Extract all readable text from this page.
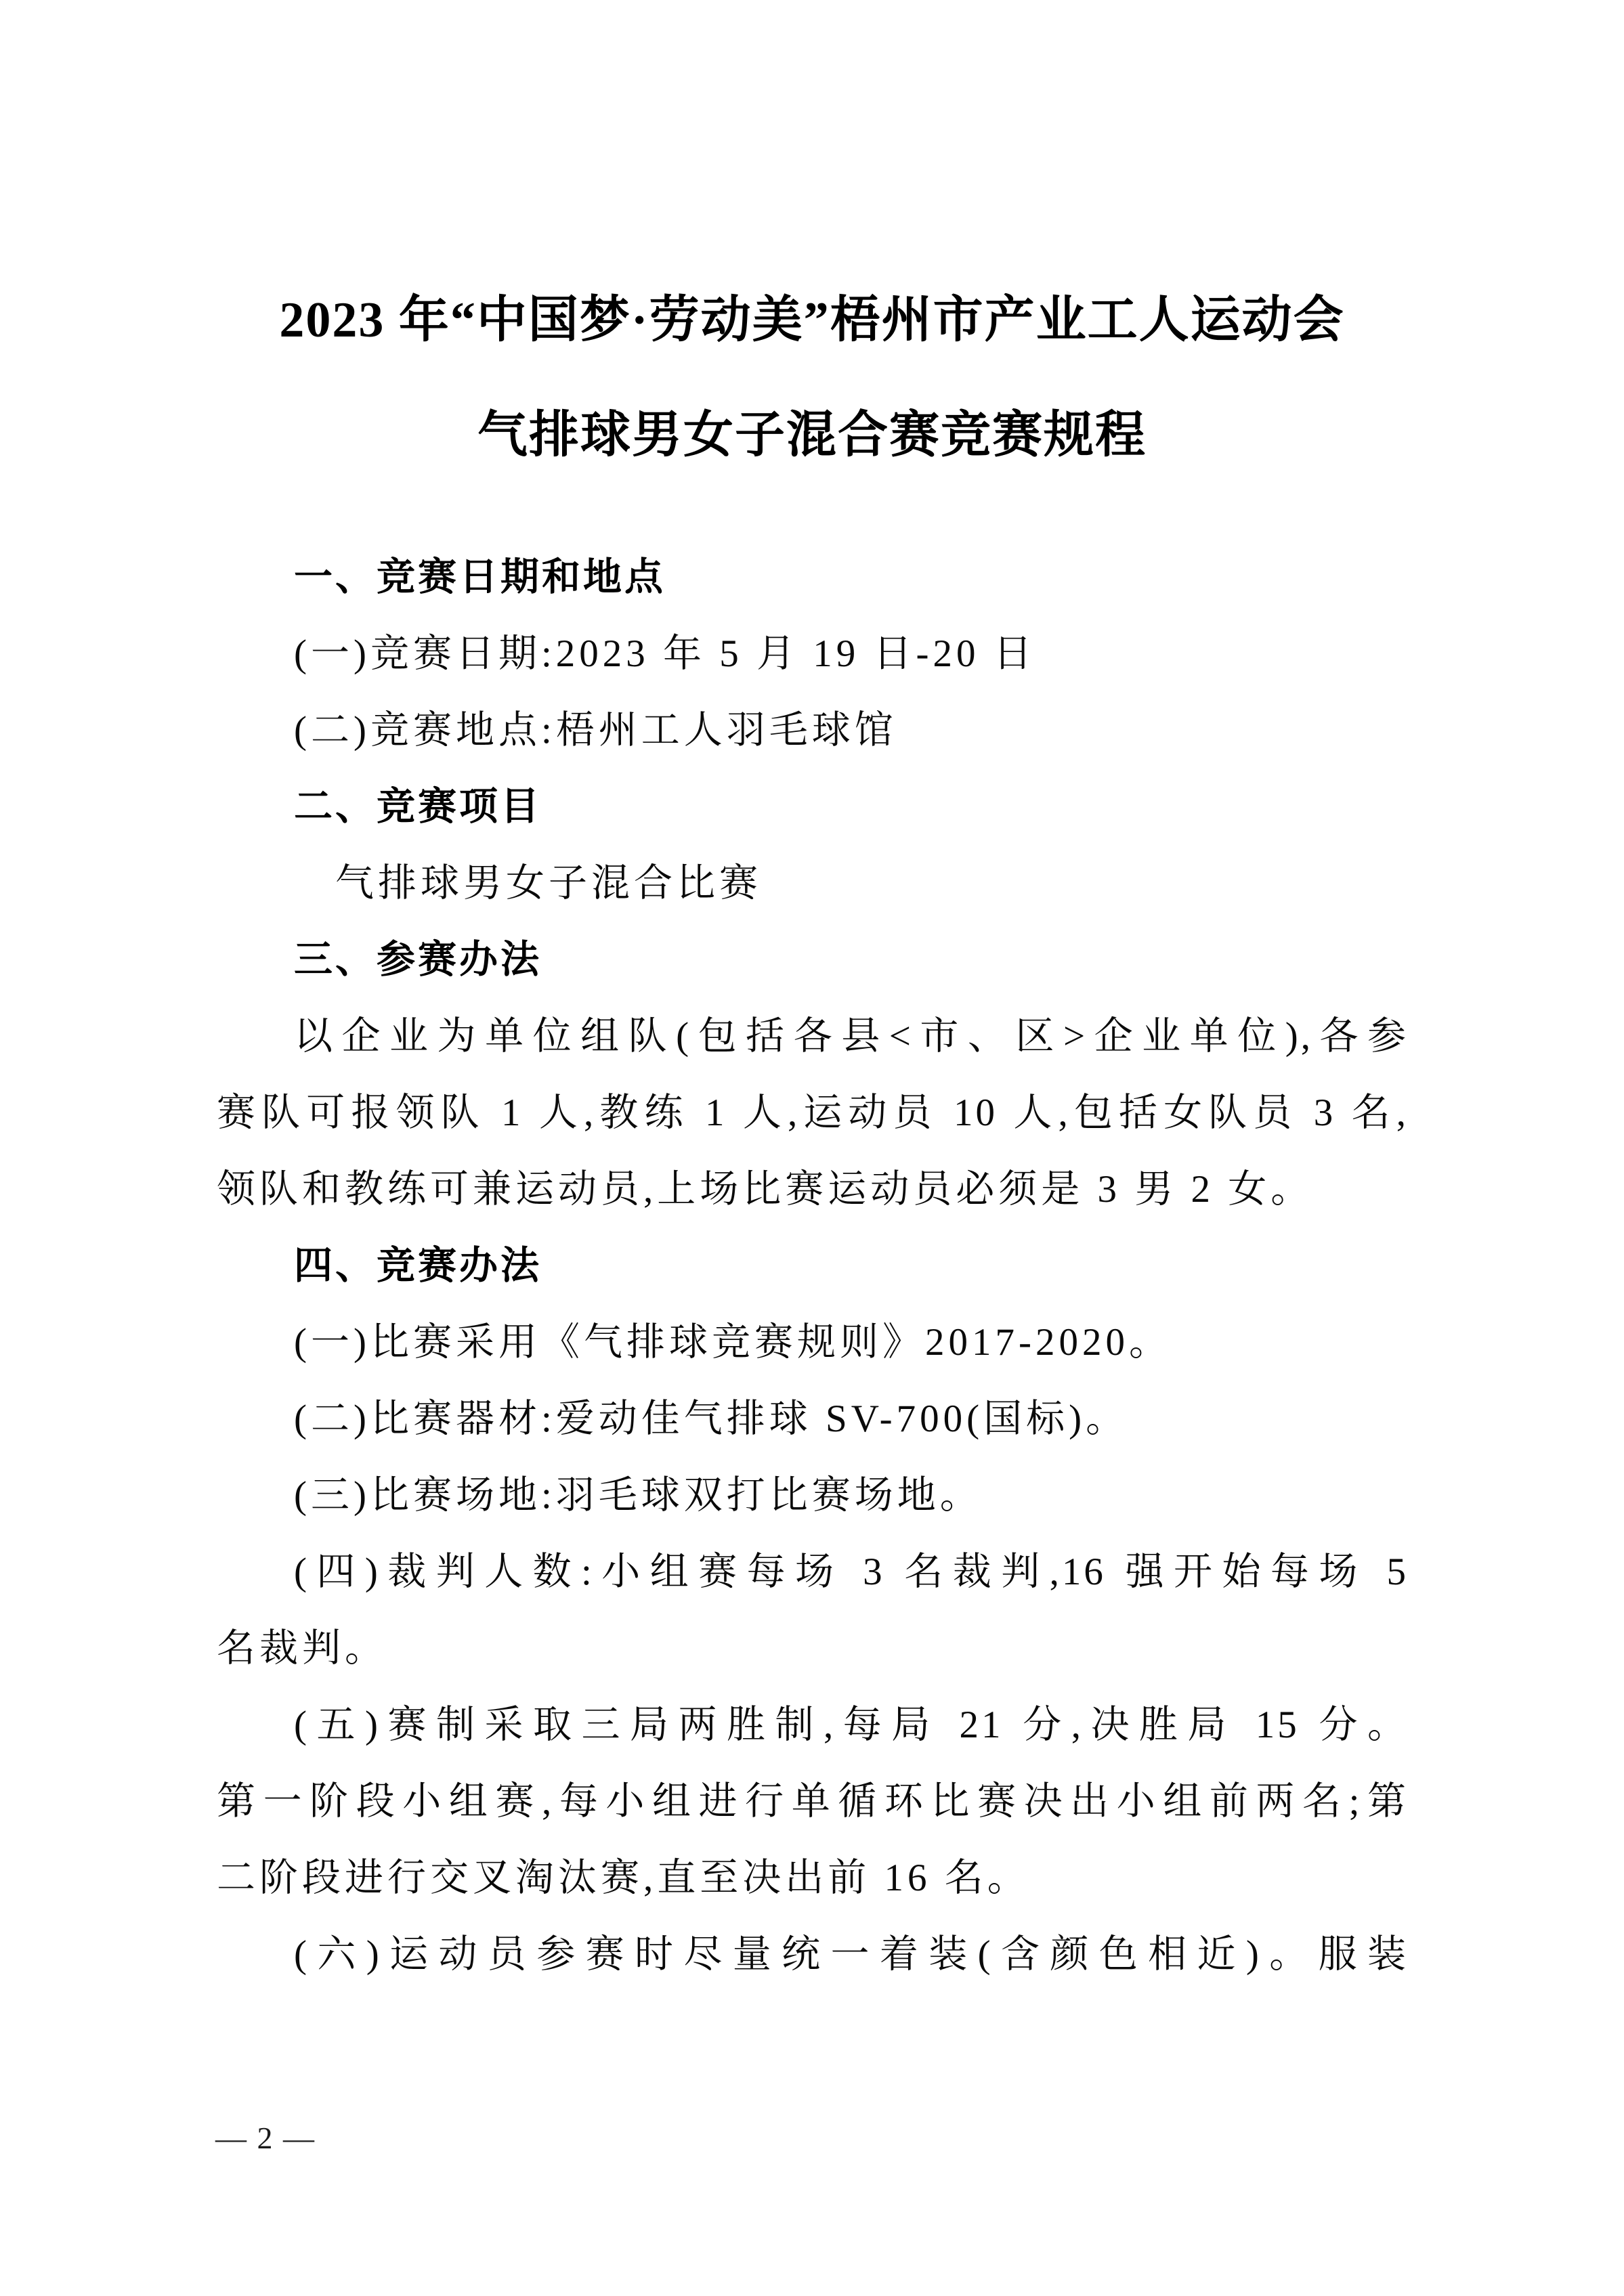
2023 年“中国梦·劳动美”梧州市产业工人运动会
气排球男女子混合赛竞赛规程
一、竞赛日期和地点
(一)竞赛日期:2023 年 5 月 19 日-20 日
(二)竞赛地点:梧州工人羽毛球馆
二、竞赛项目
气排球男女子混合比赛
三、参赛办法
以企业为单位组队(包括各县<市、区>企业单位),各参
赛队可报领队 1 人,教练 1 人,运动员 10 人,包括女队员 3 名,
领队和教练可兼运动员,上场比赛运动员必须是 3 男 2 女。
四、竞赛办法
(一)比赛采用《气排球竞赛规则》2017-2020。
(二)比赛器材:爱动佳气排球 SV-700(国标)。
(三)比赛场地:羽毛球双打比赛场地。
(四)裁判人数:小组赛每场 3 名裁判,16 强开始每场 5
名裁判。
(五)赛制采取三局两胜制,每局 21 分,决胜局 15 分。
第一阶段小组赛,每小组进行单循环比赛决出小组前两名;第
二阶段进行交叉淘汰赛,直至决出前 16 名。
(六)运动员参赛时尽量统一着装(含颜色相近)。服装
— 2 —
